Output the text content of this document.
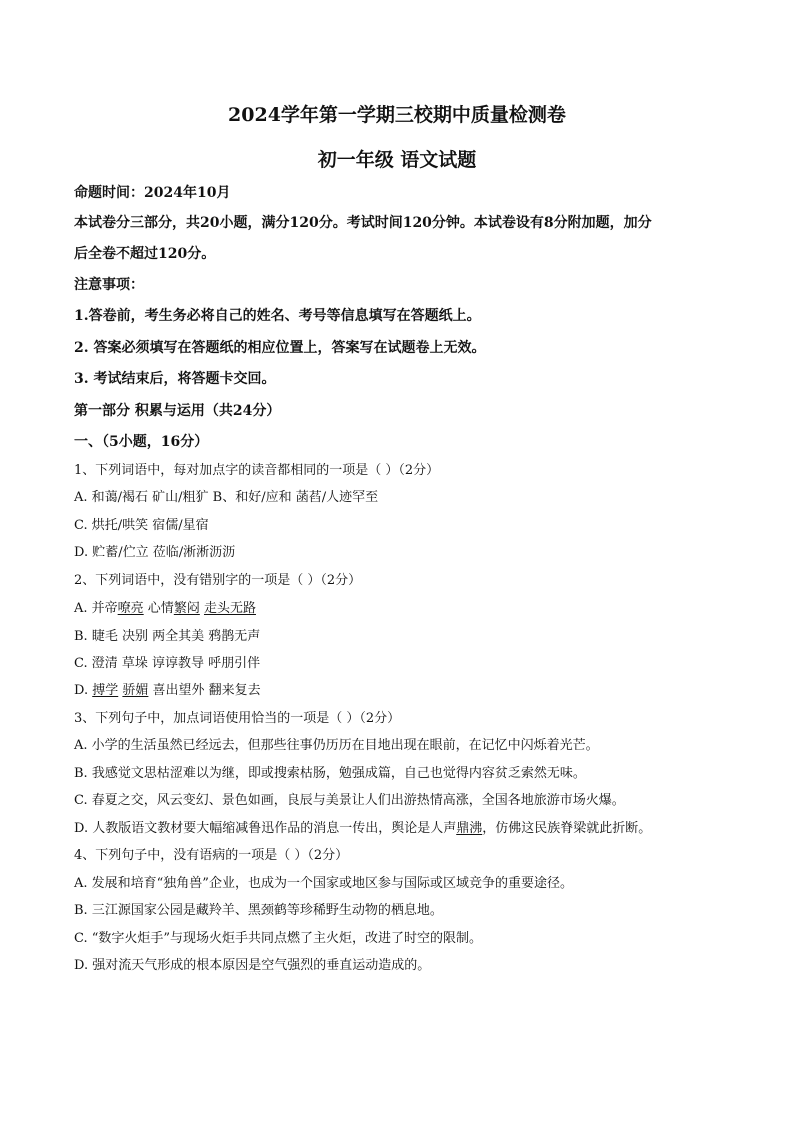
2024学年第一学期三校期中质量检测卷
初一年级 语文试题
命题时间：2024年10月
本试卷分三部分，共20小题，满分120分。考试时间120分钟。本试卷设有8分附加题，加分
后全卷不超过120分。
注意事项：
1.答卷前，考生务必将自己的姓名、考号等信息填写在答题纸上。
2. 答案必须填写在答题纸的相应位置上，答案写在试题卷上无效。
3. 考试结束后，将答题卡交回。
第一部分 积累与运用（共24分）
一、（5小题，16分）
1、下列词语中，每对加点字的读音都相同的一项是（ ）（2分）
A. 和蔼/褐石 矿山/粗犷 B、和好/应和 菡萏/人迹罕至
C. 烘托/哄笑 宿儒/星宿
D. 贮蓄/伫立 莅临/淅淅沥沥
2、下列词语中，没有错别字的一项是（ ）（2分）
A. 并帝嘹亮 心情繁闷 走头无路
B. 睫毛 决别 两全其美 鸦鹊无声
C. 澄清 草垛 谆谆教导 呼朋引伴
D. 搏学 骄媚 喜出望外 翻来复去
3、下列句子中，加点词语使用恰当的一项是（ ）（2分）
A. 小学的生活虽然已经远去，但那些往事仍历历在目地出现在眼前，在记忆中闪烁着光芒。
B. 我感觉文思枯涩难以为继，即或搜索枯肠，勉强成篇，自己也觉得内容贫乏索然无味。
C. 春夏之交，风云变幻、景色如画，良辰与美景让人们出游热情高涨，全国各地旅游市场火爆。
D. 人教版语文教材要大幅缩减鲁迅作品的消息一传出，舆论是人声鼎沸，仿佛这民族脊梁就此折断。
4、下列句子中，没有语病的一项是（ ）（2分）
A. 发展和培育“独角兽”企业，也成为一个国家或地区参与国际或区域竞争的重要途径。
B. 三江源国家公园是藏羚羊、黑颈鹤等珍稀野生动物的栖息地。
C. “数字火炬手”与现场火炬手共同点燃了主火炬，改进了时空的限制。
D. 强对流天气形成的根本原因是空气强烈的垂直运动造成的。
